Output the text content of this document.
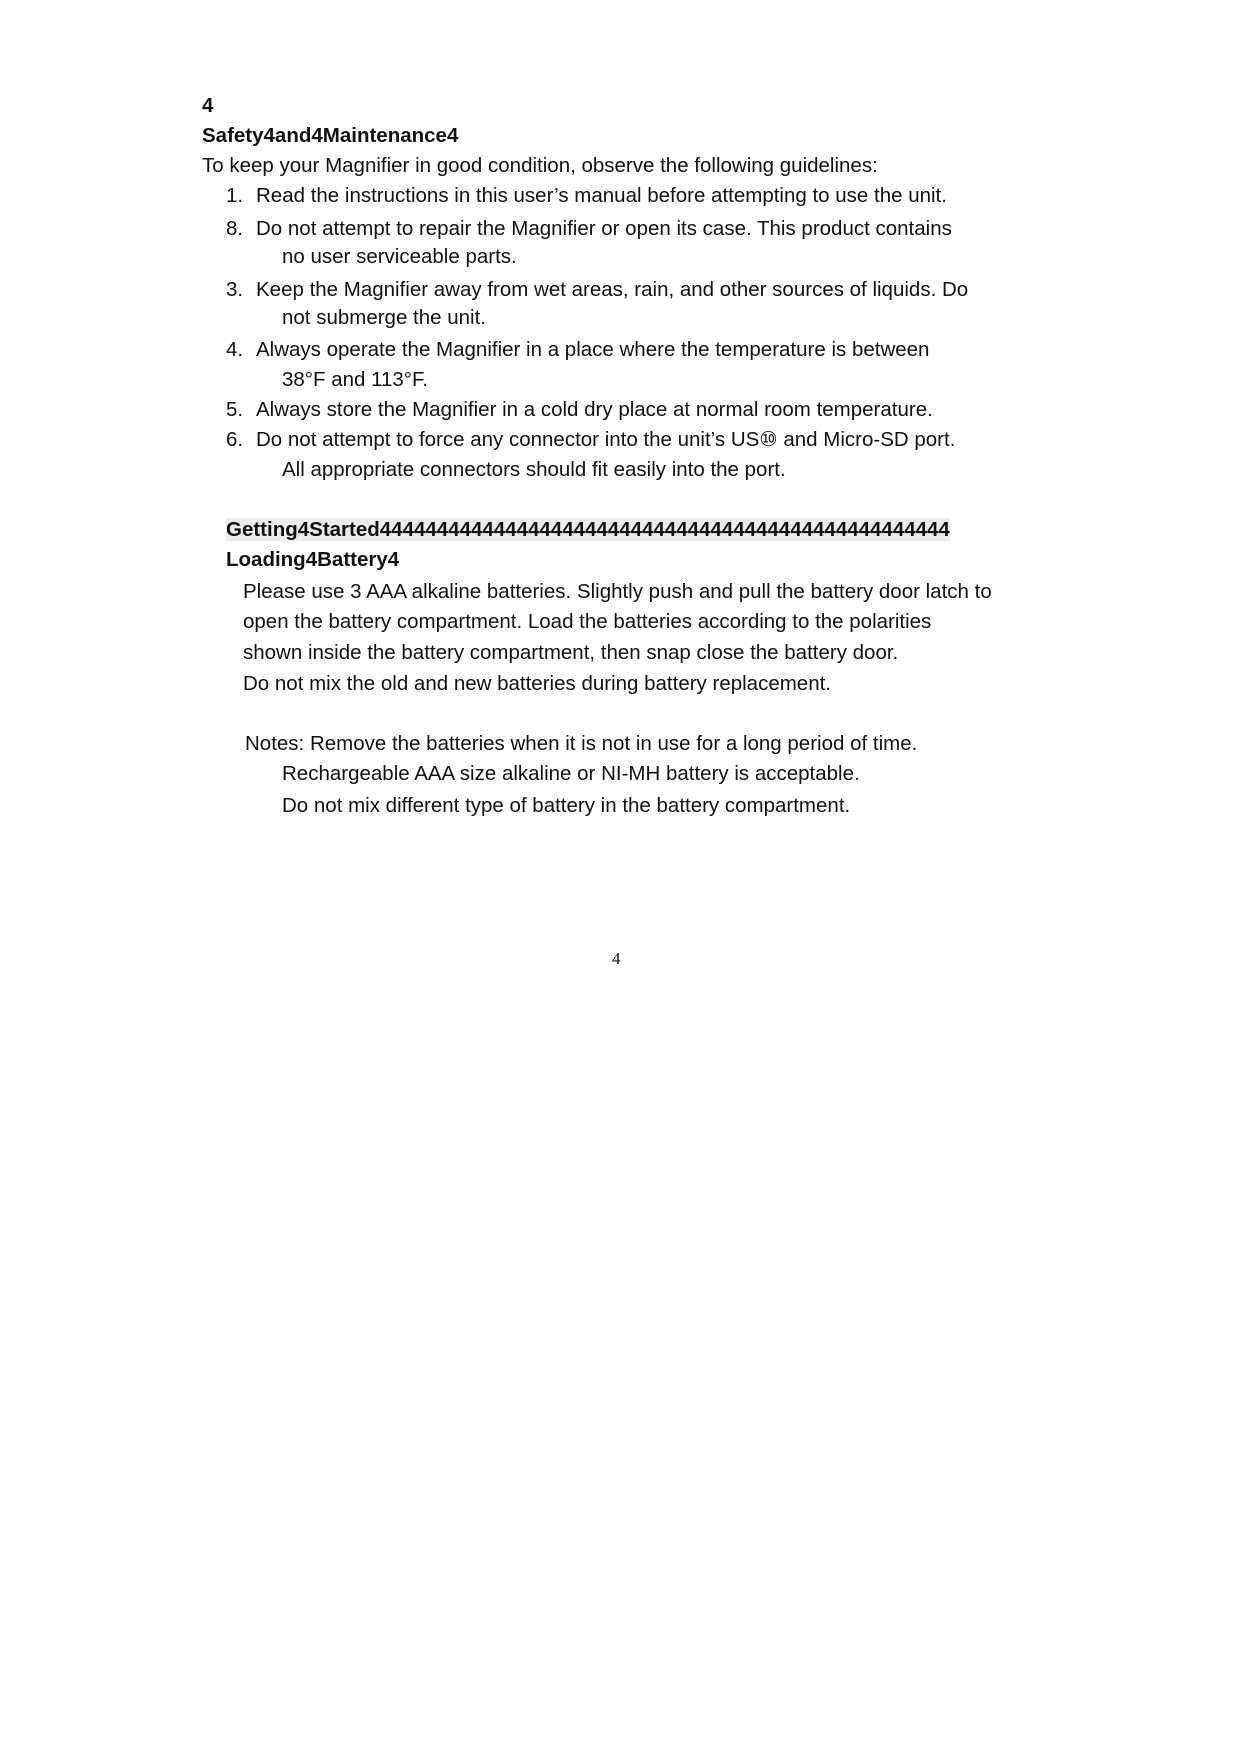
4

Safety4and4Maintenance4

To keep your Magnifier in good condition, observe the following guidelines:

1. Read the instructions in this user’s manual before attempting to use the unit.

8. Do not attempt to repair the Magnifier or open its case. This product contains

no user serviceable parts.

3. Keep the Magnifier away from wet areas, rain, and other sources of liquids. Do

not submerge the unit.

4. Always operate the Magnifier in a place where the temperature is between

38°F and 113°F.

5. Always store the Magnifier in a cold dry place at normal room temperature.

6. Do not attempt to force any connector into the unit’s US⑩ and Micro-SD port.

All appropriate connectors should fit easily into the port.

Getting4Started44444444444444444444444444444444444444444444444444

Loading4Battery4

Please use 3 AAA alkaline batteries. Slightly push and pull the battery door latch to

open the battery compartment. Load the batteries according to the polarities

shown inside the battery compartment, then snap close the battery door.

Do not mix the old and new batteries during battery replacement.

Notes: Remove the batteries when it is not in use for a long period of time.

Rechargeable AAA size alkaline or NI-MH battery is acceptable.

Do not mix different type of battery in the battery compartment.

4
